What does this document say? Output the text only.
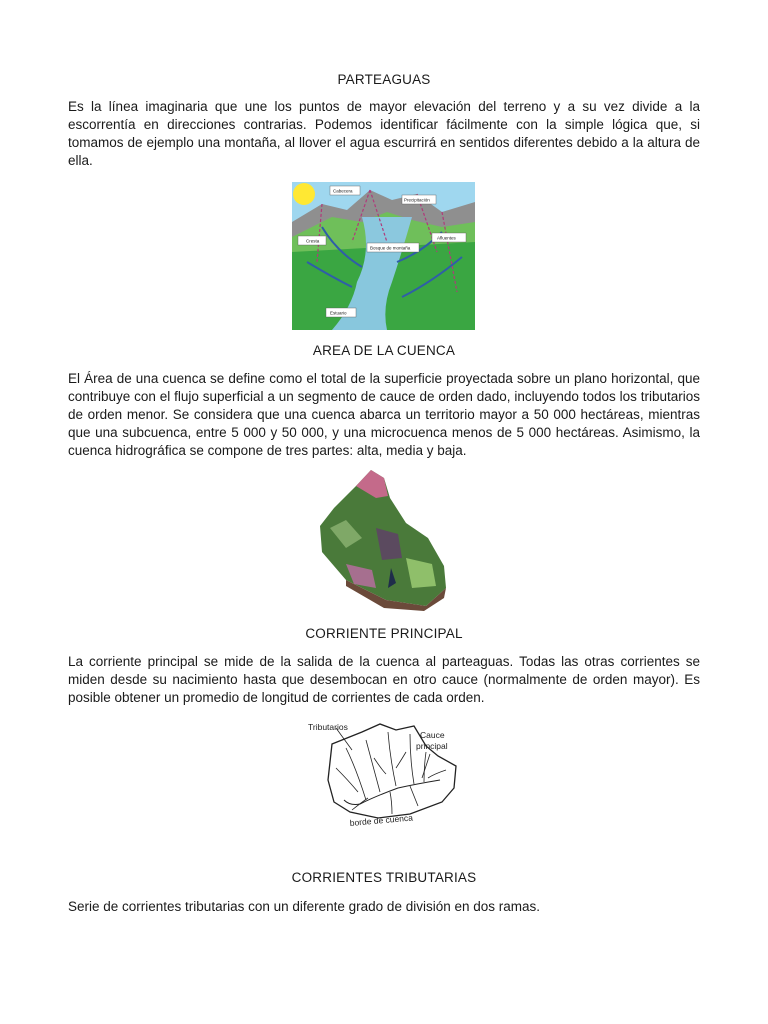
PARTEAGUAS
Es la línea imaginaria que une los puntos de mayor elevación del terreno y a su vez divide a la escorrentía en direcciones contrarias. Podemos identificar fácilmente con la simple lógica que, si tomamos de ejemplo una montaña, al llover el agua escurrirá en sentidos diferentes debido a la altura de ella.
Cabecera
Precipitación
Cresta
Bosque de montaña
Afluentes
Estuario
AREA DE LA CUENCA
El Área de una cuenca se define como el total de la superficie proyectada sobre un plano horizontal, que contribuye con el flujo superficial a un segmento de cauce de orden dado, incluyendo todos los tributarios de orden menor. Se considera que una cuenca abarca un territorio mayor a 50 000 hectáreas, mientras que una subcuenca, entre 5 000 y 50 000, y una microcuenca menos de 5 000 hectáreas. Asimismo, la cuenca hidrográfica se compone de tres partes: alta, media y baja.
CORRIENTE PRINCIPAL
La corriente principal se mide de la salida de la cuenca al parteaguas. Todas las otras corrientes se miden desde su nacimiento hasta que desembocan en otro cauce (normalmente de orden mayor). Es posible obtener un promedio de longitud de corrientes de cada orden.
Tributarios
Cauce
principal
borde de cuenca
CORRIENTES TRIBUTARIAS
Serie de corrientes tributarias con un diferente grado de división en dos ramas.
